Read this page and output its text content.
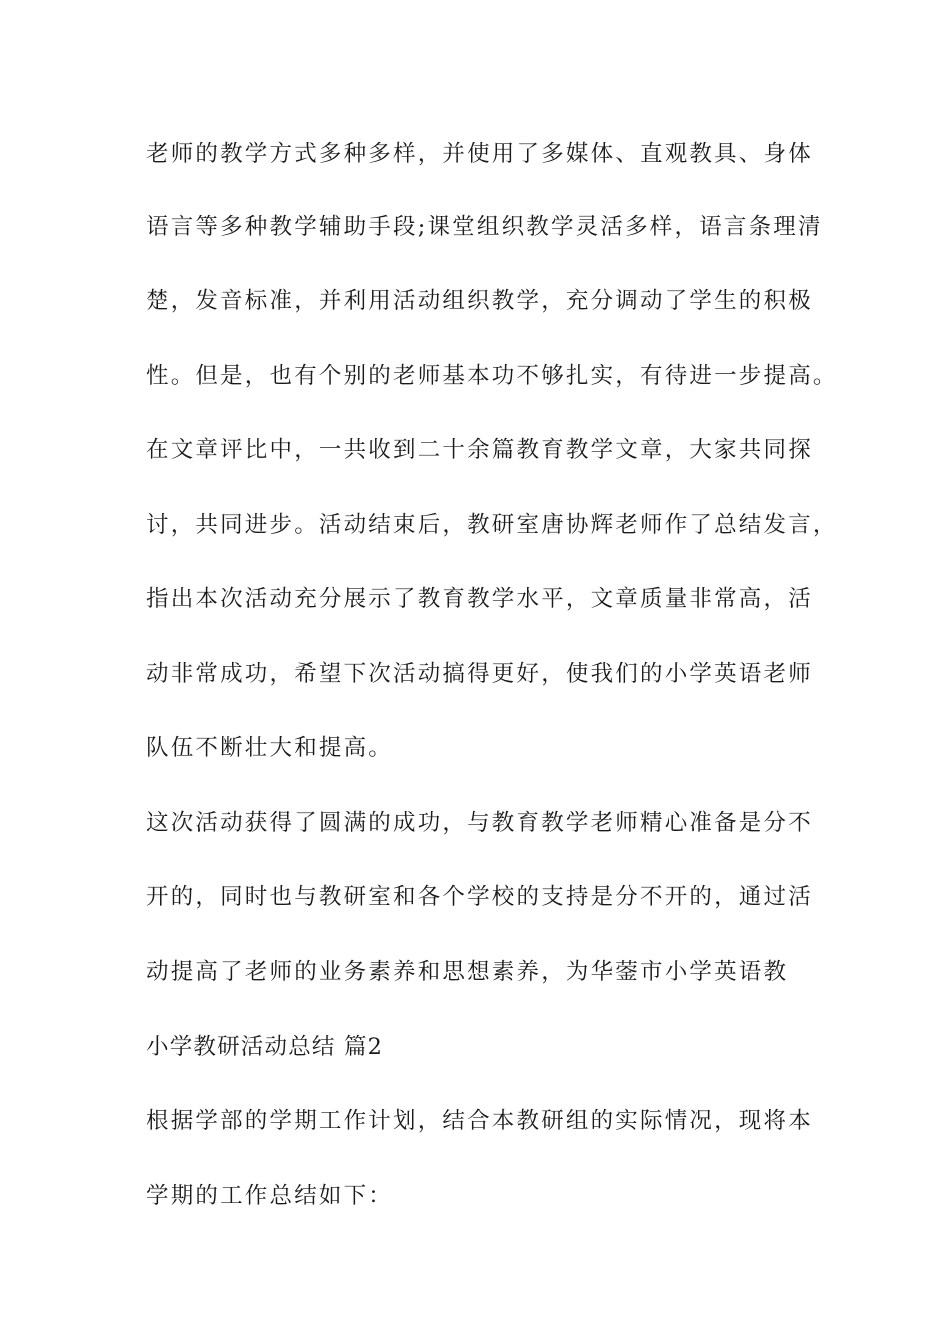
老师的教学方式多种多样，并使用了多媒体、直观教具、身体
语言等多种教学辅助手段;课堂组织教学灵活多样，语言条理清
楚，发音标准，并利用活动组织教学，充分调动了学生的积极
性。但是，也有个别的老师基本功不够扎实，有待进一步提高。
在文章评比中，一共收到二十余篇教育教学文章，大家共同探
讨，共同进步。活动结束后，教研室唐协辉老师作了总结发言，
指出本次活动充分展示了教育教学水平，文章质量非常高，活
动非常成功，希望下次活动搞得更好，使我们的小学英语老师
队伍不断壮大和提高。
这次活动获得了圆满的成功，与教育教学老师精心准备是分不
开的，同时也与教研室和各个学校的支持是分不开的，通过活
动提高了老师的业务素养和思想素养，为华蓥市小学英语教
小学教研活动总结 篇2
根据学部的学期工作计划，结合本教研组的实际情况，现将本
学期的工作总结如下：
